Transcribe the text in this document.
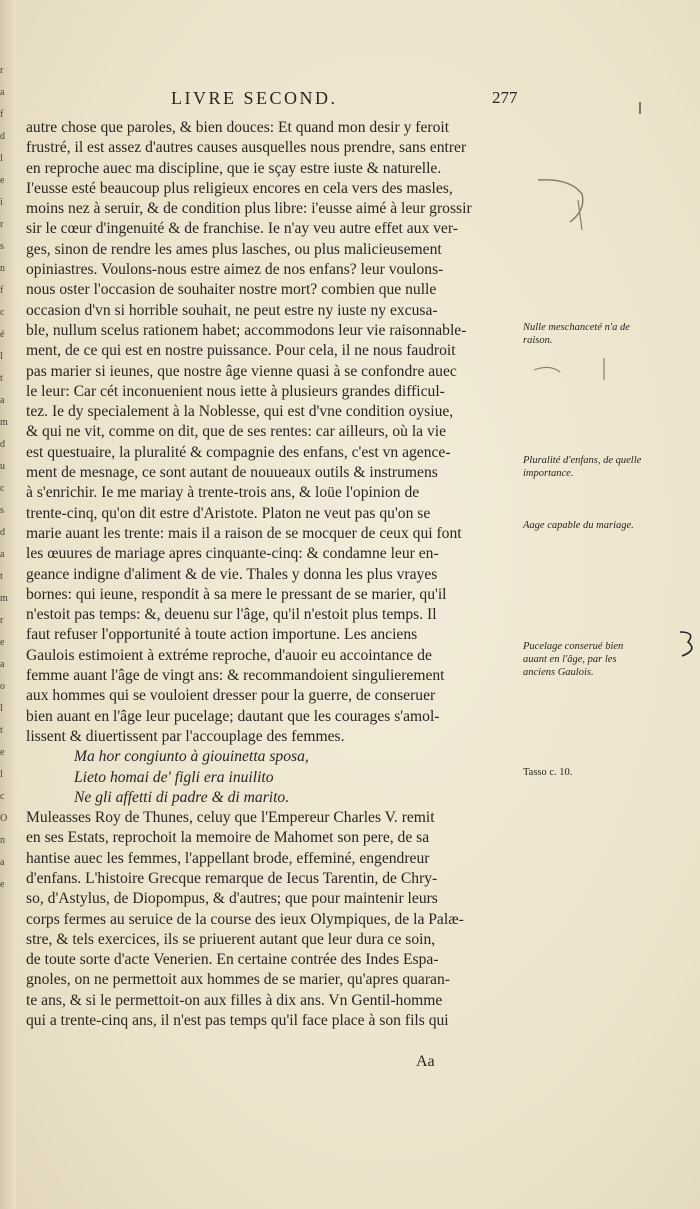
r
a
f
d
l
e
i
r
s
n
f
c
é
l
t
a
m
d
u
c
s
d
a
t
m
r
e
a
o
l
t
e
l
c
O
n
a
e
LIVRE SECOND.	277
autre chose que paroles, & bien douces: Et quand mon desir y feroit
frustré, il est assez d'autres causes ausquelles nous prendre, sans entrer
en reproche auec ma discipline, que ie sçay estre iuste & naturelle.
I'eusse esté beaucoup plus religieux encores en cela vers des masles,
moins nez à seruir, & de condition plus libre: i'eusse aimé à leur grossir
sir le cœur d'ingenuité & de franchise. Ie n'ay veu autre effet aux ver-
ges, sinon de rendre les ames plus lasches, ou plus malicieusement
opiniastres. Voulons-nous estre aimez de nos enfans? leur voulons-
nous oster l'occasion de souhaiter nostre mort? combien que nulle
occasion d'vn si horrible souhait, ne peut estre ny iuste ny excusa-
ble, nullum scelus rationem habet; accommodons leur vie raisonnable-
ment, de ce qui est en nostre puissance. Pour cela, il ne nous faudroit
pas marier si ieunes, que nostre âge vienne quasi à se confondre auec
le leur: Car cét inconuenient nous iette à plusieurs grandes difficul-
tez. Ie dy specialement à la Noblesse, qui est d'vne condition oysiue,
& qui ne vit, comme on dit, que de ses rentes: car ailleurs, où la vie
est questuaire, la pluralité & compagnie des enfans, c'est vn agence-
ment de mesnage, ce sont autant de nouueaux outils & instrumens
à s'enrichir. Ie me mariay à trente-trois ans, & loüe l'opinion de
trente-cinq, qu'on dit estre d'Aristote. Platon ne veut pas qu'on se
marie auant les trente: mais il a raison de se mocquer de ceux qui font
les œuures de mariage apres cinquante-cinq: & condamne leur en-
geance indigne d'aliment & de vie. Thales y donna les plus vrayes
bornes: qui ieune, respondit à sa mere le pressant de se marier, qu'il
n'estoit pas temps: &, deuenu sur l'âge, qu'il n'estoit plus temps. Il
faut refuser l'opportunité à toute action importune. Les anciens
Gaulois estimoient à extréme reproche, d'auoir eu accointance de
femme auant l'âge de vingt ans: & recommandoient singulierement
aux hommes qui se vouloient dresser pour la guerre, de conseruer
bien auant en l'âge leur pucelage; dautant que les courages s'amol-
lissent & diuertissent par l'accouplage des femmes.
Ma hor congiunto à giouinetta sposa,
Lieto homai de' figli era inuilito
Ne gli affetti di padre & di marito.
Muleasses Roy de Thunes, celuy que l'Empereur Charles V. remit
en ses Estats, reprochoit la memoire de Mahomet son pere, de sa
hantise auec les femmes, l'appellant brode, effeminé, engendreur
d'enfans. L'histoire Grecque remarque de Iecus Tarentin, de Chry-
so, d'Astylus, de Diopompus, & d'autres; que pour maintenir leurs
corps fermes au seruice de la course des ieux Olympiques, de la Palæ-
stre, & tels exercices, ils se priuerent autant que leur dura ce soin,
de toute sorte d'acte Venerien. En certaine contrée des Indes Espa-
gnoles, on ne permettoit aux hommes de se marier, qu'apres quaran-
te ans, & si le permettoit-on aux filles à dix ans. Vn Gentil-homme
qui a trente-cinq ans, il n'est pas temps qu'il face place à son fils qui
Nulle meschanceté n'a de raison.
Pluralité d'enfans, de quelle importance.
Aage capable du mariage.
Pucelage conserué bien auant en l'âge, par les anciens Gaulois.
Tasso c. 10.
Aa
